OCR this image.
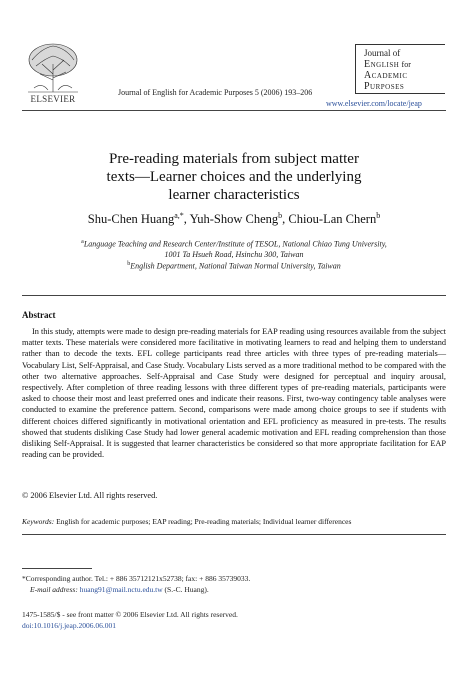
ELSEVIER
Journal of English for Academic Purposes 5 (2006) 193–206
Journal of
English for
Academic
Purposes
www.elsevier.com/locate/jeap
Pre-reading materials from subject matter
texts—Learner choices and the underlying
learner characteristics
Shu-Chen Huang$^{a,*}$, Yuh-Show Cheng$^b$, Chiou-Lan Chern$^b$
$^a$Language Teaching and Research Center/Institute of TESOL, National Chiao Tung University,
1001 Ta Hsueh Road, Hsinchu 300, Taiwan
$^b$English Department, National Taiwan Normal University, Taiwan
Abstract

In this study, attempts were made to design pre-reading materials for EAP reading using resources available from the subject matter texts. These materials were considered more facilitative in motivating learners to read and helping them to understand rather than to decode the texts. EFL college participants read three articles with three types of pre-reading materials—Vocabulary List, Self-Appraisal, and Case Study. Vocabulary Lists served as a more traditional method to be compared with the other two alternative approaches. Self-Appraisal and Case Study were designed for perceptual and inquiry arousal, respectively. After completion of three reading lessons with three different types of pre-reading materials, participants were asked to choose their most and least preferred ones and indicate their reasons. First, two-way contingency table analyses were conducted to examine the preference pattern. Second, comparisons were made among choice groups to see if students with different choices differed significantly in motivational orientation and EFL proficiency as measured in pre-tests. The results showed that students disliking Case Study had lower general academic motivation and EFL reading comprehension than those disliking Self-Appraisal. It is suggested that learner characteristics be considered so that more appropriate facilitation for EAP reading can be provided.

© 2006 Elsevier Ltd. All rights reserved.
Keywords: English for academic purposes; EAP reading; Pre-reading materials; Individual learner differences
*Corresponding author. Tel.: + 886 35712121x52738; fax: + 886 35739033.
E-mail address: huang91@mail.nctu.edu.tw (S.-C. Huang).
1475-1585/$ - see front matter © 2006 Elsevier Ltd. All rights reserved.
doi:10.1016/j.jeap.2006.06.001
